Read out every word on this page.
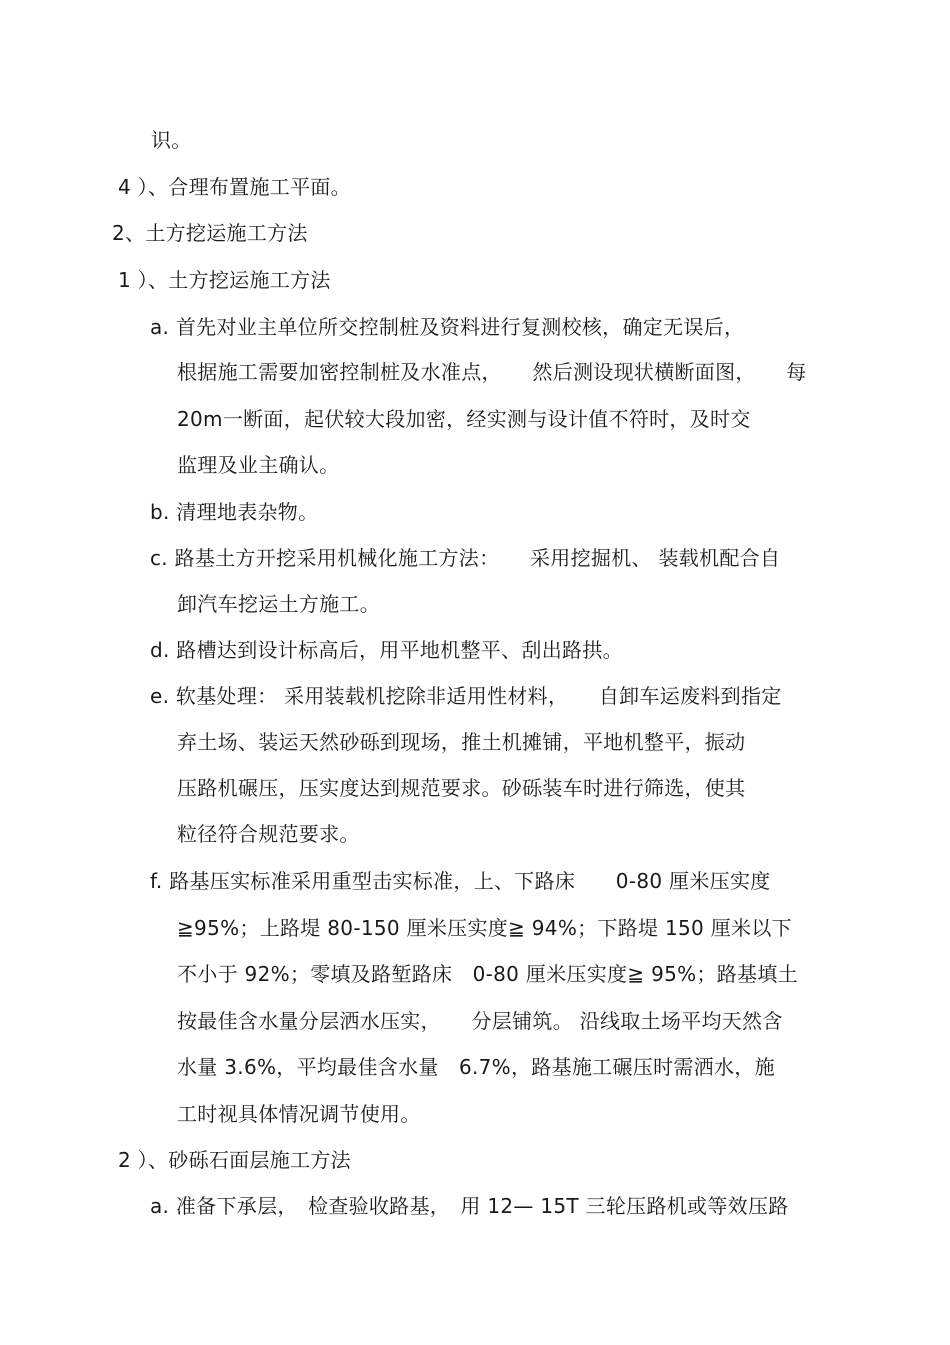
识。

4 ）、合理布置施工平面。

2、土方挖运施工方法

1 ）、土方挖运施工方法

a. 首先对业主单位所交控制桩及资料进行复测校核，确定无误后，

根据施工需要加密控制桩及水准点，　　然后测设现状横断面图，　　每

20m一断面，起伏较大段加密，经实测与设计值不符时，及时交

监理及业主确认。

b. 清理地表杂物。

c. 路基土方开挖采用机械化施工方法：　　采用挖掘机、 装载机配合自

卸汽车挖运土方施工。

d. 路槽达到设计标高后，用平地机整平、刮出路拱。

e. 软基处理： 采用装载机挖除非适用性材料，　　自卸车运废料到指定

弃土场、装运天然砂砾到现场，推土机摊铺，平地机整平，振动

压路机碾压，压实度达到规范要求。砂砾装车时进行筛选，使其

粒径符合规范要求。

f. 路基压实标准采用重型击实标准，上、下路床　　0-80 厘米压实度

≧95%；上路堤 80-150 厘米压实度≧ 94%；下路堤 150 厘米以下

不小于 92%；零填及路堑路床　0-80 厘米压实度≧ 95%；路基填土

按最佳含水量分层洒水压实，　　分层铺筑。 沿线取土场平均天然含

水量 3.6%，平均最佳含水量　6.7%，路基施工碾压时需洒水，施

工时视具体情况调节使用。

2 ）、砂砾石面层施工方法

a. 准备下承层，　检查验收路基，　用 12— 15T 三轮压路机或等效压路
